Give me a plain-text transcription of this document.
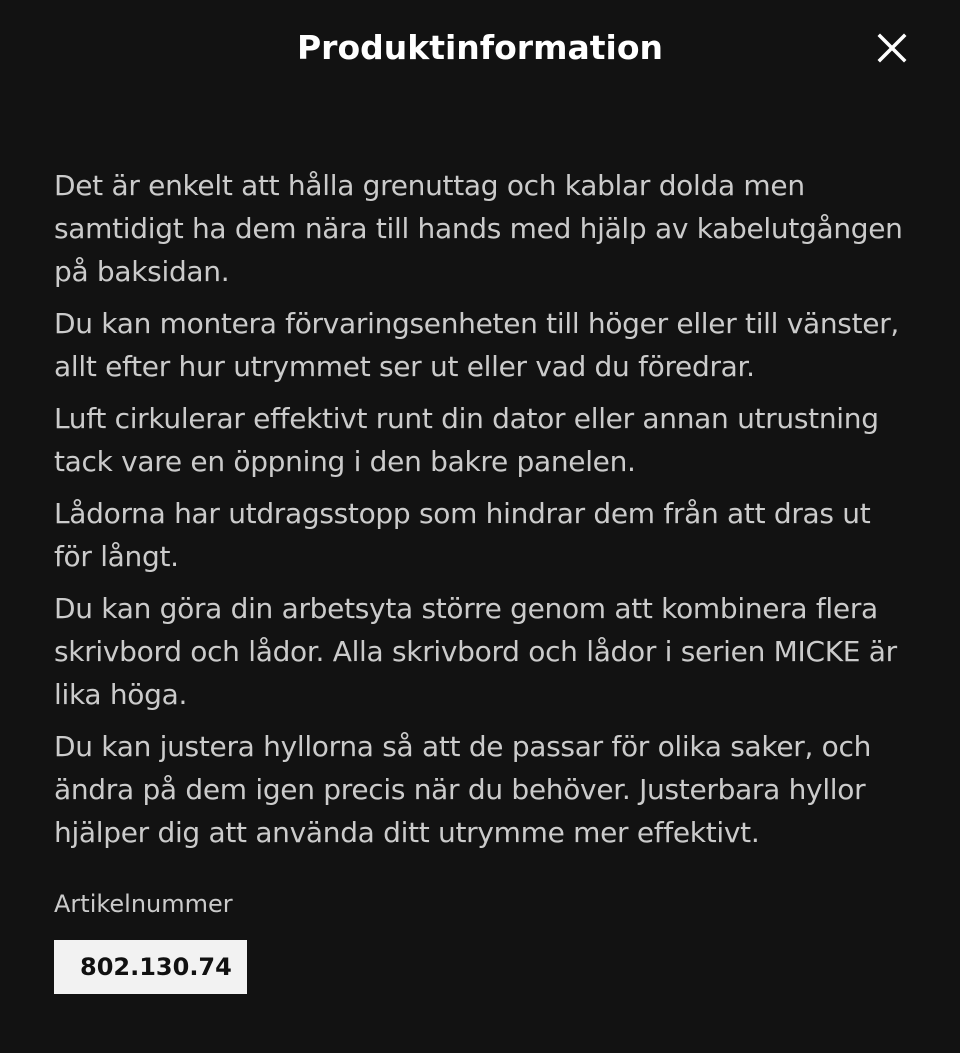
Produktinformation

Det är enkelt att hålla grenuttag och kablar dolda men samtidigt ha dem nära till hands med hjälp av kabelutgången på baksidan.

Du kan montera förvaringsenheten till höger eller till vänster, allt efter hur utrymmet ser ut eller vad du föredrar.

Luft cirkulerar effektivt runt din dator eller annan utrustning tack vare en öppning i den bakre panelen.

Lådorna har utdragsstopp som hindrar dem från att dras ut för långt.

Du kan göra din arbetsyta större genom att kombinera flera skrivbord och lådor. Alla skrivbord och lådor i serien MICKE är lika höga.

Du kan justera hyllorna så att de passar för olika saker, och ändra på dem igen precis när du behöver. Justerbara hyllor hjälper dig att använda ditt utrymme mer effektivt.

Artikelnummer
802.130.74
